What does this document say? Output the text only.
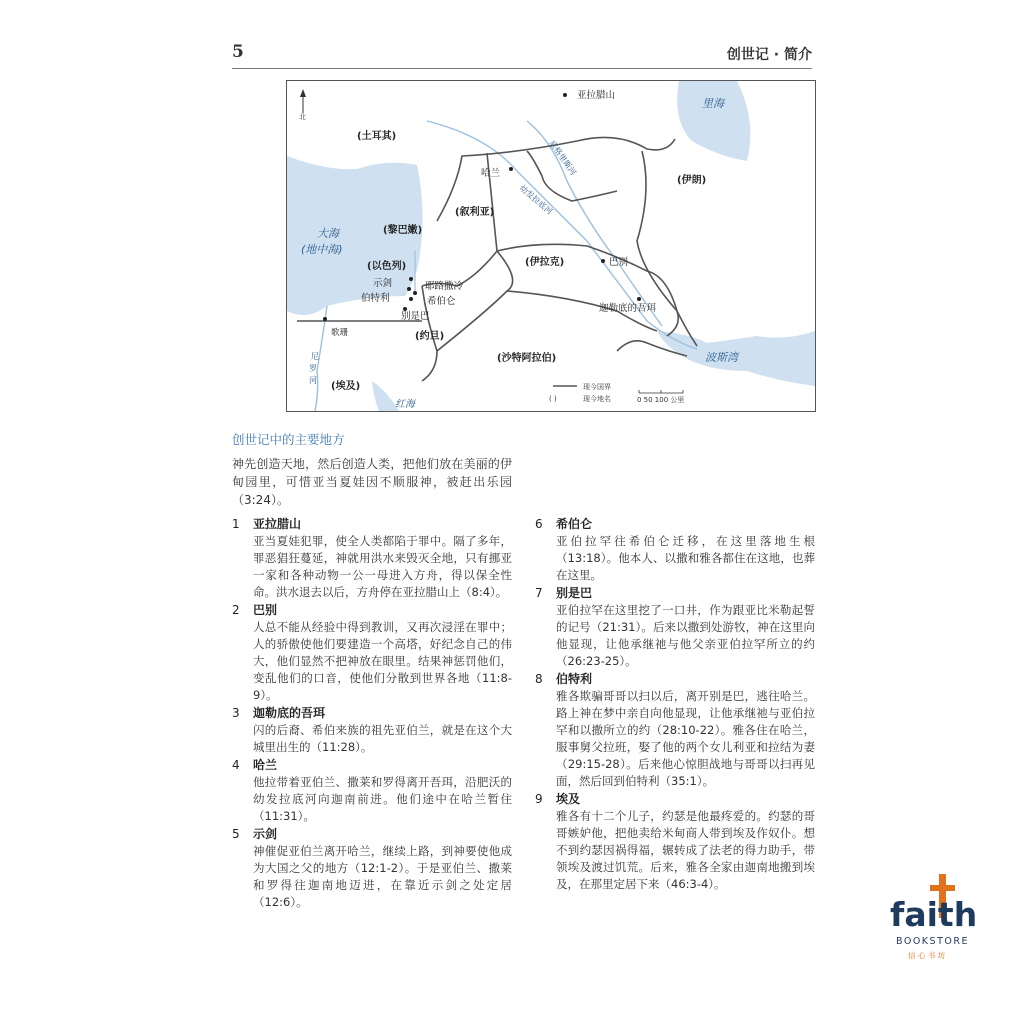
5	创世记 · 简介
北
(土耳其)
(叙利亚)
(黎巴嫩)
(以色列)	(伊拉克)
(约旦)
(沙特阿拉伯)
(伊朗)
(埃及)
里海
大海
(地中海)
波斯湾
红海
底格里斯河
幼发拉底河
尼
罗
河
亚拉腊山
哈兰
巴别
迦勒底的吾珥
示剑
伯特利
耶路撒冷
希伯仑
别是巴
歌珊
现今国界
( )	现今地名	0 50 100 公里
创世记中的主要地方
神先创造天地，然后创造人类，把他们放在美丽的伊甸园里，可惜亚当夏娃因不顺服神，被赶出乐园（3:24）。
1	亚拉腊山
亚当夏娃犯罪，使全人类都陷于罪中。隔了多年，罪恶猖狂蔓延，神就用洪水来毁灭全地，只有挪亚一家和各种动物一公一母进入方舟，得以保全性命。洪水退去以后，方舟停在亚拉腊山上（8:4）。
2	巴别
人总不能从经验中得到教训，又再次浸淫在罪中；人的骄傲使他们要建造一个高塔，好纪念自己的伟大，他们显然不把神放在眼里。结果神惩罚他们，变乱他们的口音，使他们分散到世界各地（11:8-9）。
3	迦勒底的吾珥
闪的后裔、希伯来族的祖先亚伯兰，就是在这个大城里出生的（11:28）。
4	哈兰
他拉带着亚伯兰、撒莱和罗得离开吾珥，沿肥沃的幼发拉底河向迦南前进。他们途中在哈兰暂住（11:31）。
5	示剑
神催促亚伯兰离开哈兰，继续上路，到神要使他成为大国之父的地方（12:1-2）。于是亚伯兰、撒莱和罗得往迦南地迈进，在靠近示剑之处定居（12:6）。
6	希伯仑
亚伯拉罕往希伯仑迁移，在这里落地生根（13:18）。他本人、以撒和雅各都住在这地，也葬在这里。
7	别是巴
亚伯拉罕在这里挖了一口井，作为跟亚比米勒起誓的记号（21:31）。后来以撒到处游牧，神在这里向他显现，让他承继祂与他父亲亚伯拉罕所立的约（26:23-25）。
8	伯特利
雅各欺骗哥哥以扫以后，离开别是巴，逃往哈兰。路上神在梦中亲自向他显现，让他承继祂与亚伯拉罕和以撒所立的约（28:10-22）。雅各住在哈兰，服事舅父拉班，娶了他的两个女儿利亚和拉结为妻（29:15-28）。后来他心惊胆战地与哥哥以扫再见面，然后回到伯特利（35:1）。
9	埃及
雅各有十二个儿子，约瑟是他最疼爱的。约瑟的哥哥嫉妒他，把他卖给米甸商人带到埃及作奴仆。想不到约瑟因祸得福，辗转成了法老的得力助手，带领埃及渡过饥荒。后来，雅各全家由迦南地搬到埃及，在那里定居下来（46:3-4）。
faith
BOOKSTORE
信 心 书 坊
